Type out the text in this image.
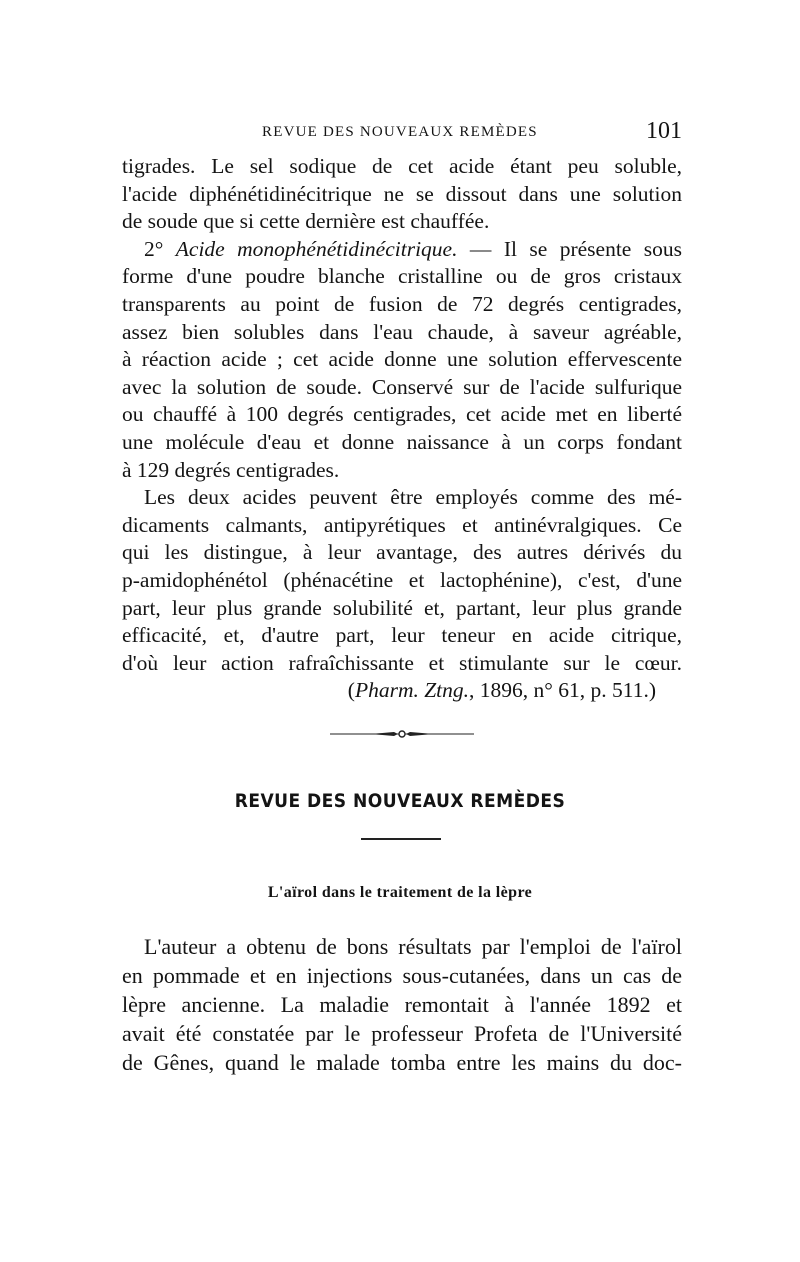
REVUE DES NOUVEAUX REMÈDES	101
tigrades. Le sel sodique de cet acide étant peu soluble,
l'acide diphénétidinécitrique ne se dissout dans une solution
de soude que si cette dernière est chauffée.
2° Acide monophénétidinécitrique. — Il se présente sous
forme d'une poudre blanche cristalline ou de gros cristaux
transparents au point de fusion de 72 degrés centigrades,
assez bien solubles dans l'eau chaude, à saveur agréable,
à réaction acide ; cet acide donne une solution effervescente
avec la solution de soude. Conservé sur de l'acide sulfurique
ou chauffé à 100 degrés centigrades, cet acide met en liberté
une molécule d'eau et donne naissance à un corps fondant
à 129 degrés centigrades.
Les deux acides peuvent être employés comme des mé-
dicaments calmants, antipyrétiques et antinévralgiques. Ce
qui les distingue, à leur avantage, des autres dérivés du
p-amidophénétol (phénacétine et lactophénine), c'est, d'une
part, leur plus grande solubilité et, partant, leur plus grande
efficacité, et, d'autre part, leur teneur en acide citrique,
d'où leur action rafraîchissante et stimulante sur le cœur.
(Pharm. Ztng., 1896, n° 61, p. 511.)
REVUE DES NOUVEAUX REMÈDES
L'aïrol dans le traitement de la lèpre
L'auteur a obtenu de bons résultats par l'emploi de l'aïrol
en pommade et en injections sous-cutanées, dans un cas de
lèpre ancienne. La maladie remontait à l'année 1892 et
avait été constatée par le professeur Profeta de l'Université
de Gênes, quand le malade tomba entre les mains du doc-
